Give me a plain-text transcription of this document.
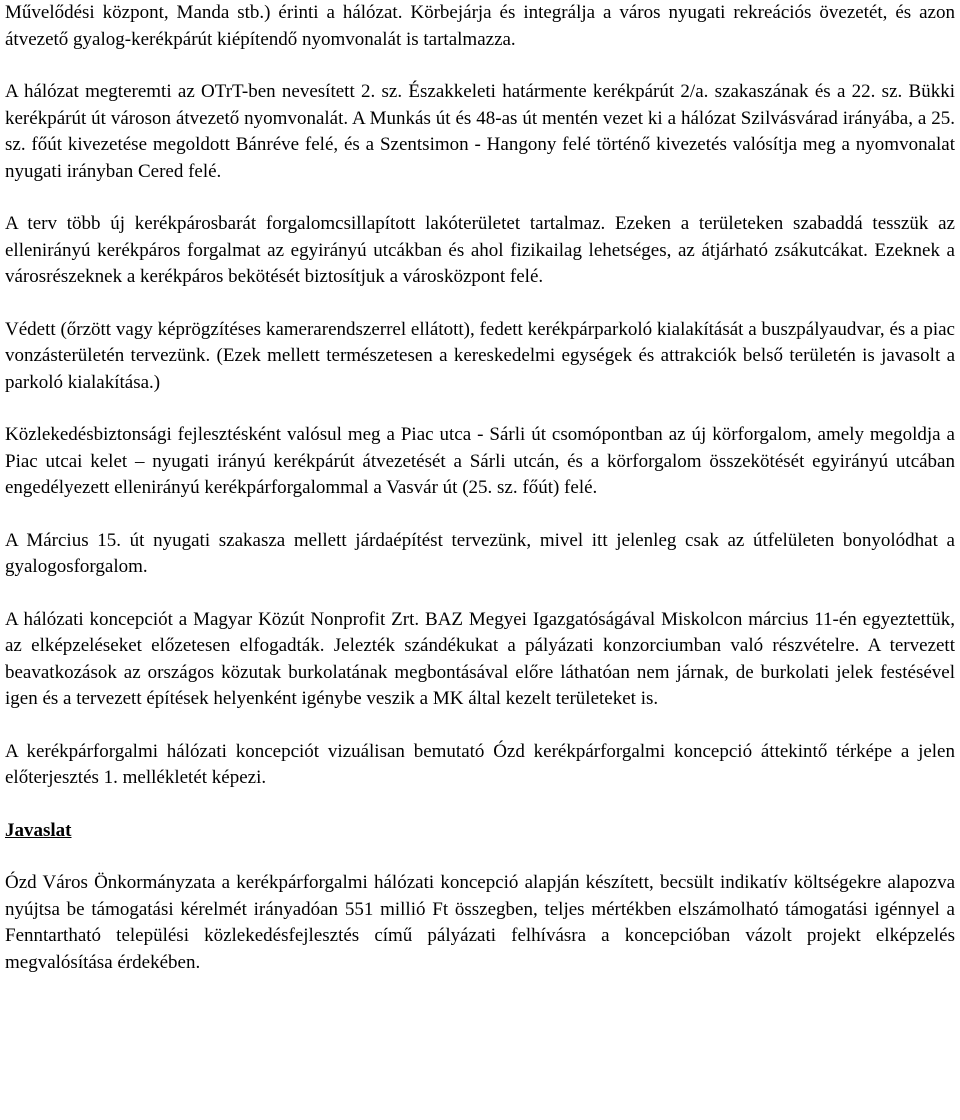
Művelődési központ, Manda stb.) érinti a hálózat. Körbejárja és integrálja a város nyugati rekreációs övezetét, és azon átvezető gyalog-kerékpárút kiépítendő nyomvonalát is tartalmazza.

A hálózat megteremti az OTrT-ben nevesített 2. sz. Északkeleti határmente kerékpárút 2/a. szakaszának és a 22. sz. Bükki kerékpárút út városon átvezető nyomvonalát. A Munkás út és 48-as út mentén vezet ki a hálózat Szilvásvárad irányába, a 25. sz. főút kivezetése megoldott Bánréve felé, és a Szentsimon - Hangony felé történő kivezetés valósítja meg a nyomvonalat nyugati irányban Cered felé.

A terv több új kerékpárosbarát forgalomcsillapított lakóterületet tartalmaz. Ezeken a területeken szabaddá tesszük az ellenirányú kerékpáros forgalmat az egyirányú utcákban és ahol fizikailag lehetséges, az átjárható zsákutcákat. Ezeknek a városrészeknek a kerékpáros bekötését biztosítjuk a városközpont felé.

Védett (őrzött vagy képrögzítéses kamerarendszerrel ellátott), fedett kerékpárparkoló kialakítását a buszpályaudvar, és a piac vonzásterületén tervezünk. (Ezek mellett természetesen a kereskedelmi egységek és attrakciók belső területén is javasolt a parkoló kialakítása.)

Közlekedésbiztonsági fejlesztésként valósul meg a Piac utca - Sárli út csomópontban az új körforgalom, amely megoldja a Piac utcai kelet – nyugati irányú kerékpárút átvezetését a Sárli utcán, és a körforgalom összekötését egyirányú utcában engedélyezett ellenirányú kerékpárforgalommal a Vasvár út (25. sz. főút) felé.

A Március 15. út nyugati szakasza mellett járdaépítést tervezünk, mivel itt jelenleg csak az útfelületen bonyolódhat a gyalogosforgalom.

A hálózati koncepciót a Magyar Közút Nonprofit Zrt. BAZ Megyei Igazgatóságával Miskolcon március 11-én egyeztettük, az elképzeléseket előzetesen elfogadták. Jelezték szándékukat a pályázati konzorciumban való részvételre. A tervezett beavatkozások az országos közutak burkolatának megbontásával előre láthatóan nem járnak, de burkolati jelek festésével igen és a tervezett építések helyenként igénybe veszik a MK által kezelt területeket is.

A kerékpárforgalmi hálózati koncepciót vizuálisan bemutató Ózd kerékpárforgalmi koncepció áttekintő térképe a jelen előterjesztés 1. mellékletét képezi.

Javaslat

Ózd Város Önkormányzata a kerékpárforgalmi hálózati koncepció alapján készített, becsült indikatív költségekre alapozva nyújtsa be támogatási kérelmét irányadóan 551 millió Ft összegben, teljes mértékben elszámolható támogatási igénnyel a Fenntartható települési közlekedésfejlesztés című pályázati felhívásra a koncepcióban vázolt projekt elképzelés megvalósítása érdekében.
